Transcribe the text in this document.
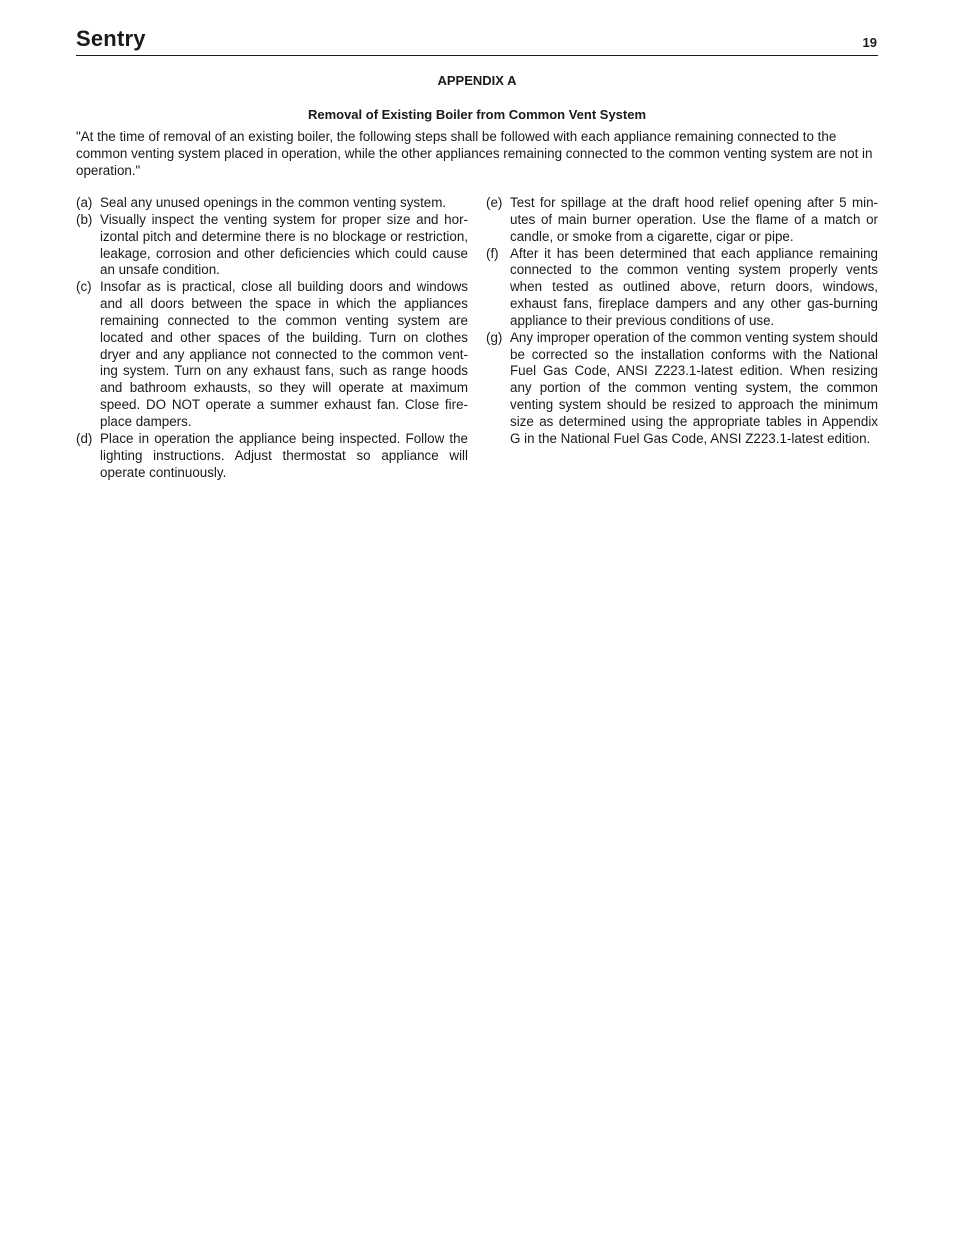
Sentry	19
APPENDIX A
Removal of Existing Boiler from Common Vent System

"At the time of removal of an existing boiler, the following steps shall be followed with each appliance remaining connected to the common venting system placed in operation, while the other appliances remaining connected to the common venting system are not in operation."

(a) Seal any unused openings in the common venting system.
(b) Visually inspect the venting system for proper size and horizontal pitch and determine there is no blockage or restriction, leakage, corrosion and other deficiencies which could cause an unsafe condition.
(c) Insofar as is practical, close all building doors and windows and all doors between the space in which the appliances remaining connected to the common venting system are located and other spaces of the building. Turn on clothes dryer and any appliance not connected to the common venting system. Turn on any exhaust fans, such as range hoods and bathroom exhausts, so they will operate at maximum speed. DO NOT operate a summer exhaust fan. Close fireplace dampers.
(d) Place in operation the appliance being inspected. Follow the lighting instructions. Adjust thermostat so appliance will operate continuously.
(e) Test for spillage at the draft hood relief opening after 5 minutes of main burner operation. Use the flame of a match or candle, or smoke from a cigarette, cigar or pipe.
(f) After it has been determined that each appliance remaining connected to the common venting system properly vents when tested as outlined above, return doors, windows, exhaust fans, fireplace dampers and any other gas-burning appliance to their previous conditions of use.
(g) Any improper operation of the common venting system should be corrected so the installation conforms with the National Fuel Gas Code, ANSI Z223.1-latest edition. When resizing any portion of the common venting system, the common venting system should be resized to approach the minimum size as determined using the appropriate tables in Appendix G in the National Fuel Gas Code, ANSI Z223.1-latest edition.
